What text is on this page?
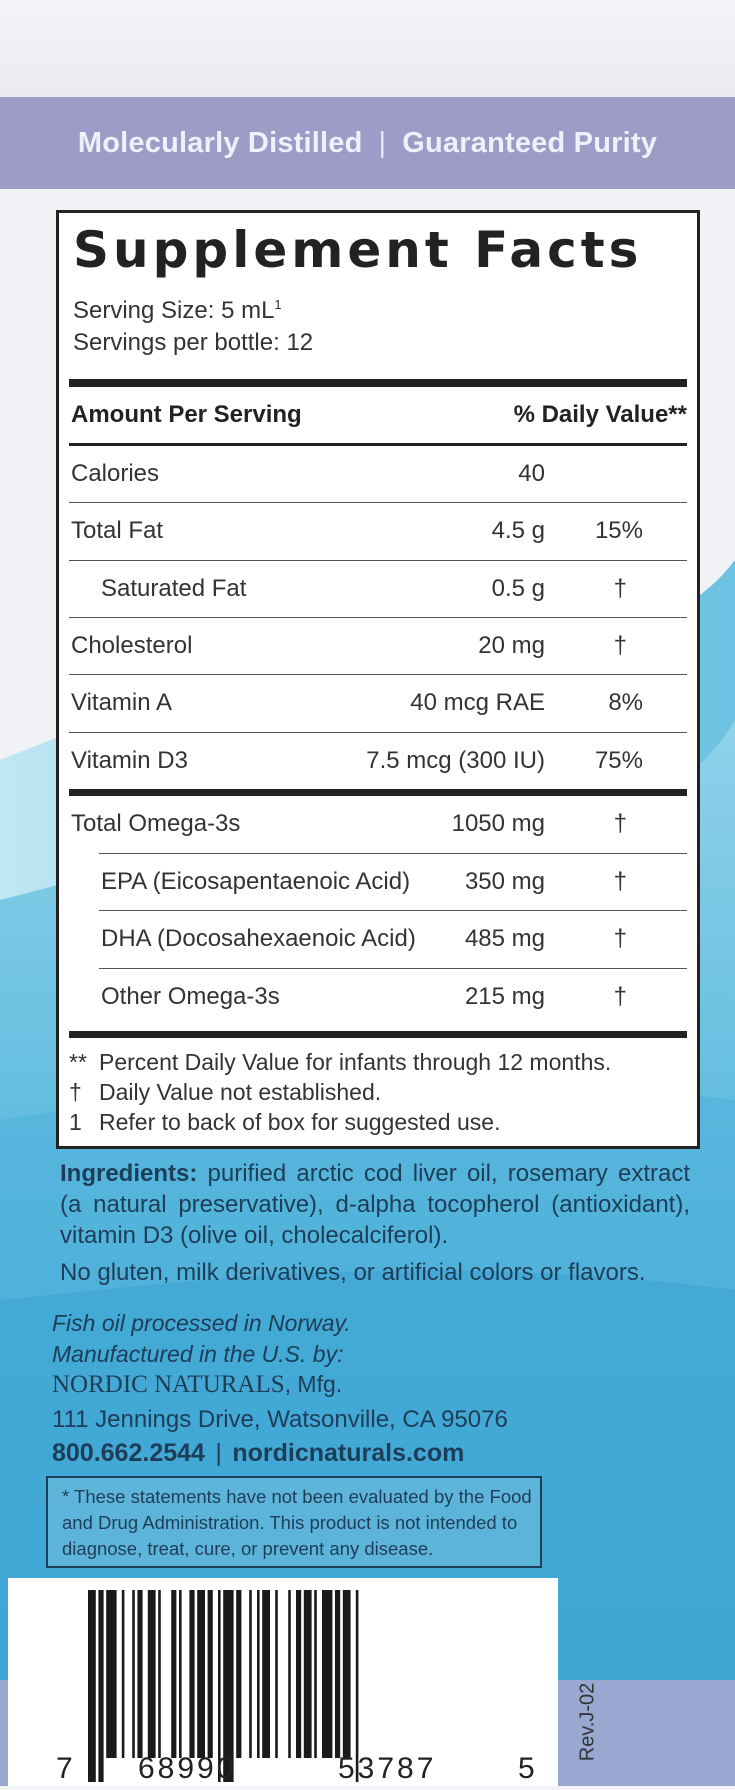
Molecularly Distilled | Guaranteed Purity
Supplement Facts
Serving Size: 5 $mL^1$
Servings per bottle: 12
Amount Per Serving	% Daily Value**
Calories	40
Total Fat	4.5 g 15%
Saturated Fat	0.5 g	†
Cholesterol	20 mg	†
Vitamin A	40 mcg RAE	8%
Vitamin D3	7.5 mcg (300 IU) 75%
Total Omega-3s	1050 mg	†
EPA (Eicosapentaenoic Acid) 350 mg	†
DHA (Docosahexaenoic Acid) 485 mg	†
Other Omega-3s	215 mg	†
** Percent Daily Value for infants through 12 months.
† Daily Value not established.
1 Refer to back of box for suggested use.
Ingredients: purified arctic cod liver oil, rosemary extract (a natural preservative), d-alpha tocopherol (antioxidant), vitamin D3 (olive oil, cholecalciferol).
No gluten, milk derivatives, or artificial colors or flavors.
Fish oil processed in Norway.
Manufactured in the U.S. by:
NORDIC NATURALS, Mfg.
111 Jennings Drive, Watsonville, CA 95076
800.662.2544 | nordicnaturals.com
* These statements have not been evaluated by the Food and Drug Administration. This product is not intended to diagnose, treat, cure, or prevent any disease.
7 68990	53787	5
Rev.J-02
